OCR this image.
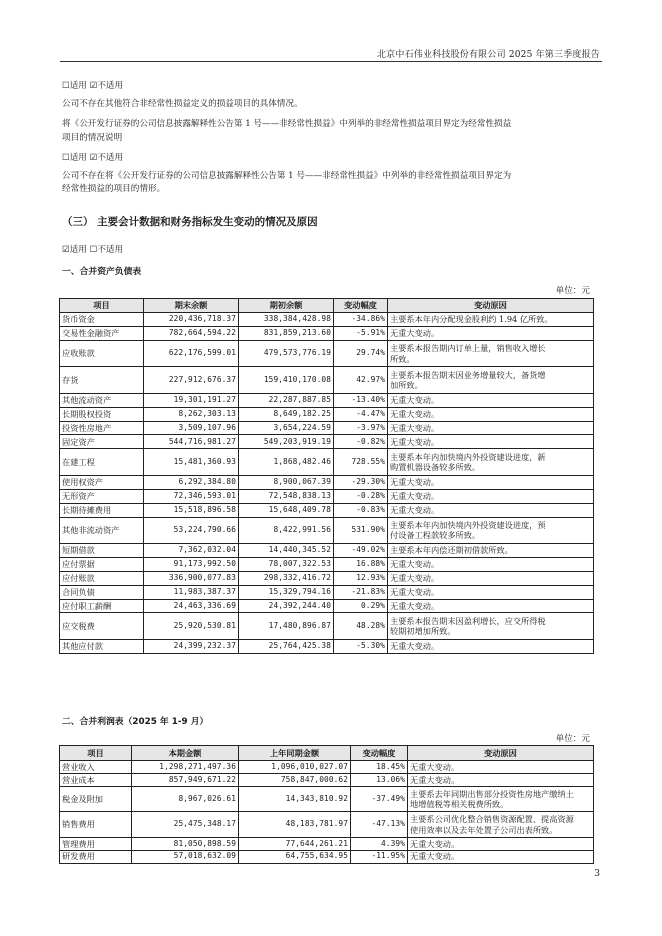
北京中石伟业科技股份有限公司 2025 年第三季度报告
☐适用 ☑不适用
公司不存在其他符合非经常性损益定义的损益项目的具体情况。
将《公开发行证券的公司信息披露解释性公告第 1 号——非经常性损益》中列举的非经常性损益项目界定为经常性损益
项目的情况说明
☐适用 ☑不适用
公司不存在将《公开发行证券的公司信息披露解释性公告第 1 号——非经常性损益》中列举的非经常性损益项目界定为
经常性损益的项目的情形。
（三） 主要会计数据和财务指标发生变动的情况及原因
☑适用 ☐不适用
一、合并资产负债表
单位：元
项目	期末余额	期初余额	变动幅度	变动原因
货币资金	220,436,718.37	338,384,428.98	-34.86%	主要系本年内分配现金股利约 1.94 亿所致。

交易性金融资产	782,664,594.22	831,859,213.60	-5.91%	无重大变动。

应收账款	622,176,599.01	479,573,776.19	29.74%	主要系本报告期内订单上量，销售收入增长
所致。

存货	227,912,676.37	159,410,170.08	42.97%	主要系本报告期末因业务增量较大，备货增
加所致。

其他流动资产	19,301,191.27	22,287,887.85	-13.40%	无重大变动。

长期股权投资	8,262,303.13	8,649,182.25	-4.47%	无重大变动。

投资性房地产	3,509,107.96	3,654,224.59	-3.97%	无重大变动。

固定资产	544,716,981.27	549,203,919.19	-0.82%	无重大变动。

在建工程	15,481,360.93	1,868,482.46	728.55%	主要系本年内加快境内外投资建设进度，新
购置机器设备较多所致。

使用权资产	6,292,384.80	8,900,067.39	-29.30%	无重大变动。

无形资产	72,346,593.01	72,548,838.13	-0.28%	无重大变动。

长期待摊费用	15,518,896.58	15,648,409.78	-0.83%	无重大变动。

其他非流动资产	53,224,790.66	8,422,991.56	531.90%	主要系本年内加快境内外投资建设进度，预
付设备工程款较多所致。

短期借款	7,362,032.04	14,440,345.52	-49.02%	主要系本年内偿还期初借款所致。

应付票据	91,173,992.50	78,007,322.53	16.88%	无重大变动。

应付账款	336,900,077.83	298,332,416.72	12.93%	无重大变动。

合同负债	11,983,387.37	15,329,794.16	-21.83%	无重大变动。

应付职工薪酬	24,463,336.69	24,392,244.40	0.29%	无重大变动。

应交税费	25,920,530.81	17,480,896.87	48.28%	主要系本报告期末因盈利增长，应交所得税
较期初增加所致。

其他应付款	24,399,232.37	25,764,425.38	-5.30%	无重大变动。
二、合并利润表（2025 年 1-9 月）
单位：元
项目	本期金额	上年同期金额	变动幅度	变动原因
营业收入	1,298,271,497.36	1,096,010,027.07	18.45%	无重大变动。

营业成本	857,949,671.22	758,847,000.62	13.06%	无重大变动。

税金及附加	8,967,026.61	14,343,810.92	-37.49%	主要系去年同期出售部分投资性房地产缴纳土
地增值税等相关税费所致。

销售费用	25,475,348.17	48,183,781.97	-47.13%	主要系公司优化整合销售资源配置、提高资源
使用效率以及去年处置子公司出表所致。

管理费用	81,050,898.59	77,644,261.21	4.39%	无重大变动。

研发费用	57,018,632.09	64,755,634.95	-11.95%	无重大变动。
3
